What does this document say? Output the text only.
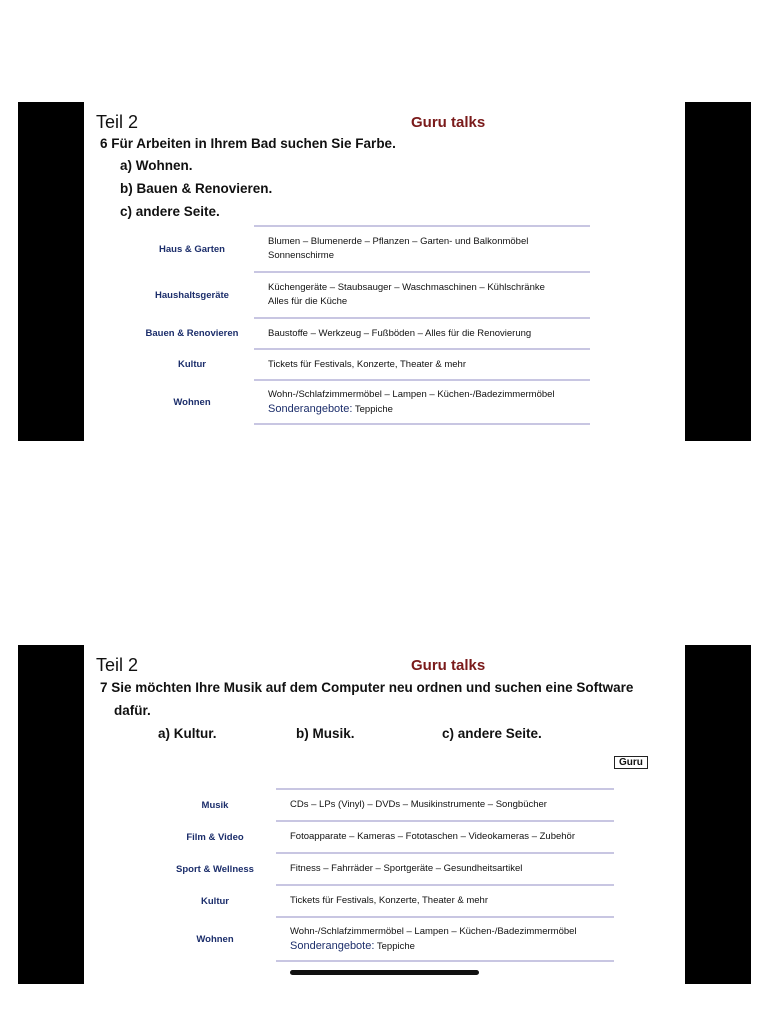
Teil 2	Guru talks
6 Für Arbeiten in Ihrem Bad suchen Sie Farbe.
a) Wohnen.
b) Bauen & Renovieren.
c) andere Seite.
Haus & Garten	Blumen – Blumenerde – Pflanzen – Garten- und Balkonmöbel
Sonnenschirme

Haushaltsgeräte	Küchengeräte – Staubsauger – Waschmaschinen – Kühlschränke
Alles für die Küche

Bauen & Renovieren	Baustoffe – Werkzeug – Fußböden – Alles für die Renovierung

Kultur	Tickets für Festivals, Konzerte, Theater & mehr

Wohnen	Wohn-/Schlafzimmermöbel – Lampen – Küchen-/Badezimmermöbel
Sonderangebote: Teppiche
Teil 2	Guru talks
7 Sie möchten Ihre Musik auf dem Computer neu ordnen und suchen eine Software
dafür.
a) Kultur.	b) Musik.	c) andere Seite.
Guru
Musik	CDs – LPs (Vinyl) – DVDs – Musikinstrumente – Songbücher

Film & Video	Fotoapparate – Kameras – Fototaschen – Videokameras – Zubehör

Sport & Wellness	Fitness – Fahrräder – Sportgeräte – Gesundheitsartikel

Kultur	Tickets für Festivals, Konzerte, Theater & mehr

Wohnen	Wohn-/Schlafzimmermöbel – Lampen – Küchen-/Badezimmermöbel
Sonderangebote: Teppiche
